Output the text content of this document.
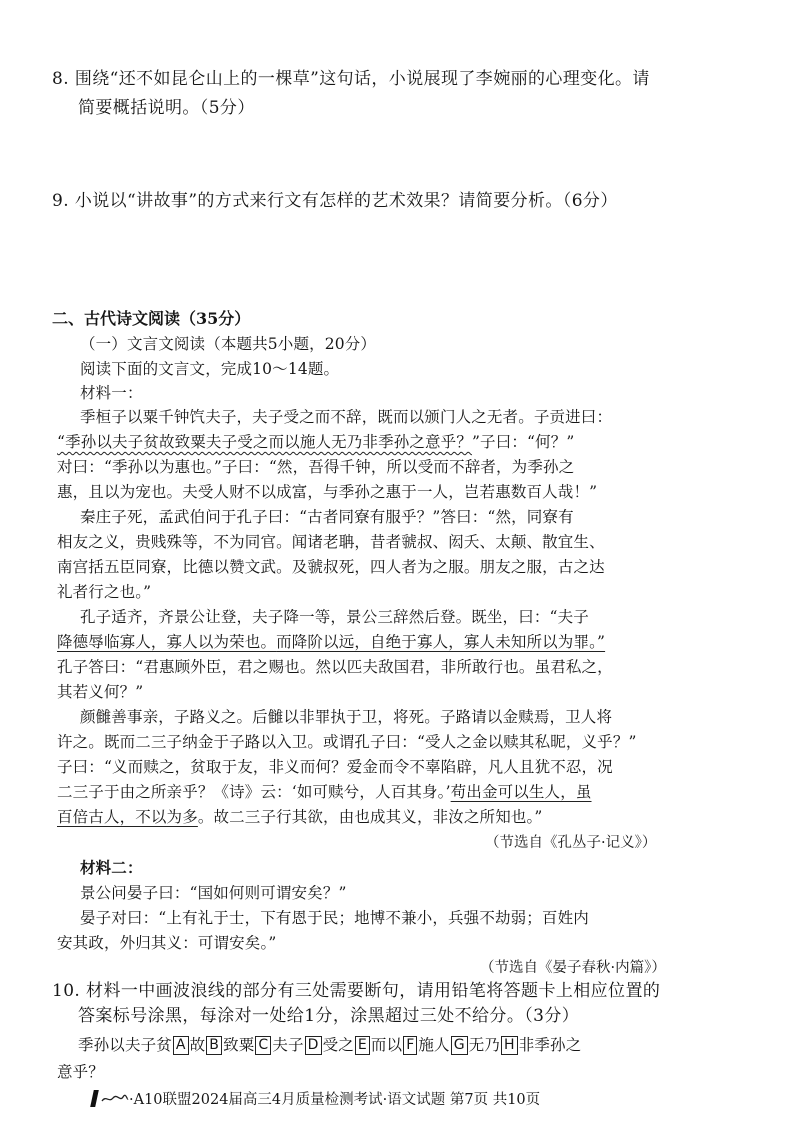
8. 围绕“还不如昆仑山上的一棵草”这句话，小说展现了李婉丽的心理变化。请
简要概括说明。（5分）
9. 小说以“讲故事”的方式来行文有怎样的艺术效果？请简要分析。（6分）
二、古代诗文阅读（35分）
（一）文言文阅读（本题共5小题，20分）
阅读下面的文言文，完成10～14题。
材料一：
季桓子以粟千钟饩夫子，夫子受之而不辞，既而以颁门人之无者。子贡进曰：
“季孙以夫子贫故致粟夫子受之而以施人无乃非季孙之意乎？”子曰：“何？”
对曰：“季孙以为惠也。”子曰：“然，吾得千钟，所以受而不辞者，为季孙之
惠，且以为宠也。夫受人财不以成富，与季孙之惠于一人，岂若惠数百人哉！”
秦庄子死，孟武伯问于孔子曰：“古者同寮有服乎？”答曰：“然，同寮有
相友之义，贵贱殊等，不为同官。闻诸老聃，昔者虢叔、闳夭、太颠、散宜生、
南宫括五臣同寮，比德以赞文武。及虢叔死，四人者为之服。朋友之服，古之达
礼者行之也。”
孔子适齐，齐景公让登，夫子降一等，景公三辞然后登。既坐，曰：“夫子
降德辱临寡人，寡人以为荣也。而降阶以远，自绝于寡人，寡人未知所以为罪。”
孔子答曰：“君惠顾外臣，君之赐也。然以匹夫敌国君，非所敢行也。虽君私之，
其若义何？”
颜雠善事亲，子路义之。后雠以非罪执于卫，将死。子路请以金赎焉，卫人将
许之。既而二三子纳金于子路以入卫。或谓孔子曰：“受人之金以赎其私昵，义乎？”
子曰：“义而赎之，贫取于友，非义而何？爱金而令不辜陷辟，凡人且犹不忍，况
二三子于由之所亲乎？《诗》云：‘如可赎兮，人百其身。’苟出金可以生人，虽
百倍古人，不以为多。故二三子行其欲，由也成其义，非汝之所知也。”
（节选自《孔丛子·记义》）
材料二：
景公问晏子曰：“国如何则可谓安矣？”
晏子对曰：“上有礼于士，下有恩于民；地博不兼小，兵强不劫弱；百姓内
安其政，外归其义：可谓安矣。”
（节选自《晏子春秋·内篇》）
10. 材料一中画波浪线的部分有三处需要断句，请用铅笔将答题卡上相应位置的
答案标号涂黑，每涂对一处给1分，涂黑超过三处不给分。（3分）
季孙以夫子贫 A 故 B 致粟 C 夫子 D 受之 E 而以 F 施人 G 无乃 H 非季孙之
意乎？
·A10联盟2024届高三4月质量检测考试·语文试题 第7页 共10页
